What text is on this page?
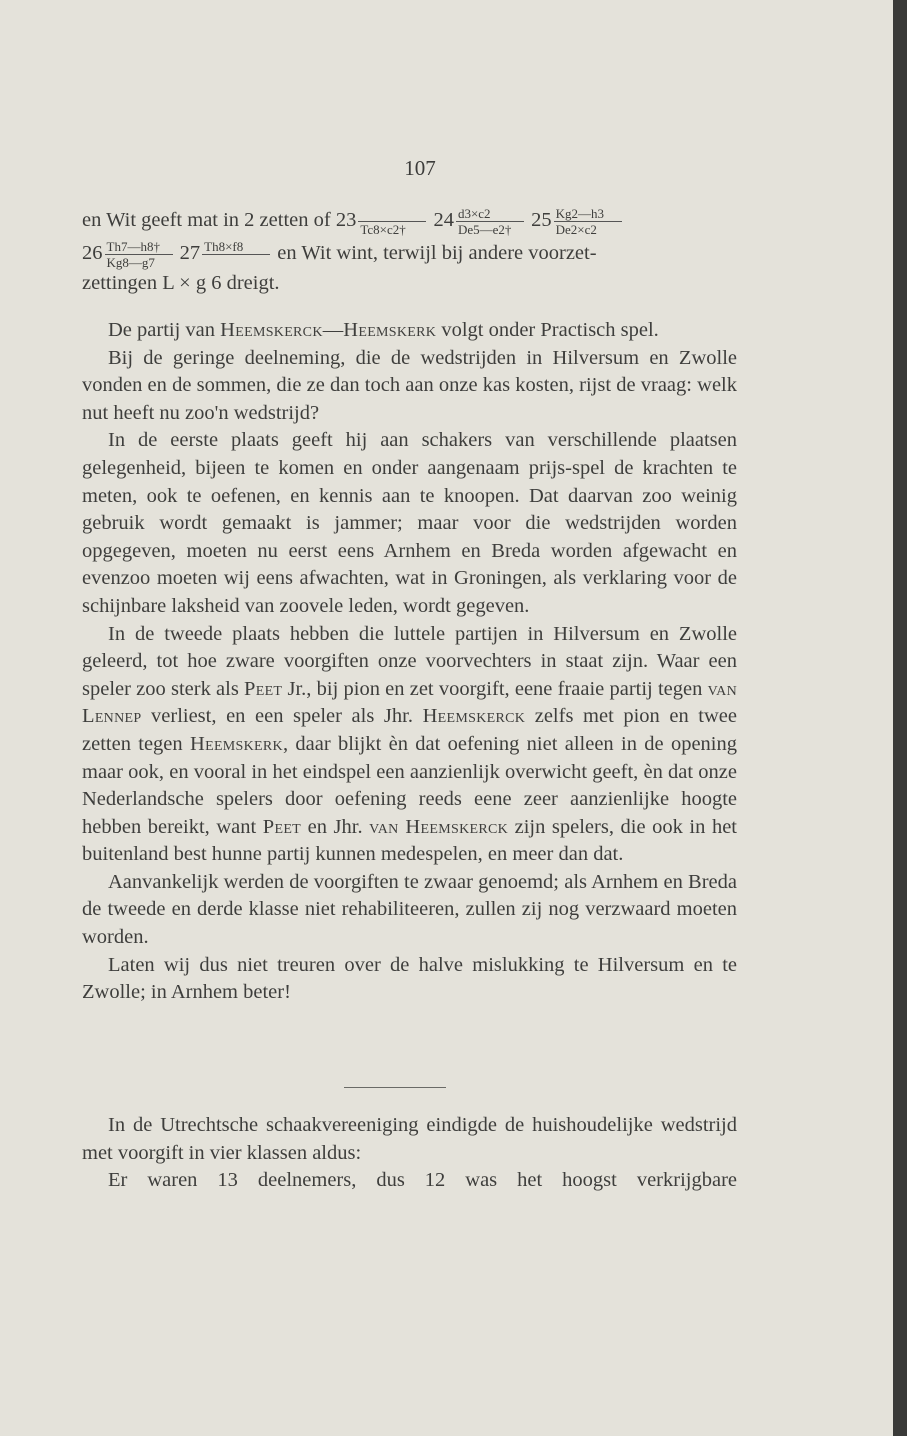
107

en Wit geeft mat in 2 zetten of 23 Tc8×c2†	$24 \frac{d3\times c2}{De5—e2\dagger} 25 \frac{Kg2—h3}{De2\times c2}$

$26 \frac{Th7—h8\dagger}{Kg8—g7} 27$ Th8×f8	en Wit wint, terwijl bij andere voorzet-

zettingen L × g 6 dreigt.

De partij van Heemskerck—Heemskerk volgt onder Practisch spel.

Bij de geringe deelneming, die de wedstrijden in Hilversum en Zwolle vonden en de sommen, die ze dan toch aan onze kas kosten, rijst de vraag: welk nut heeft nu zoo'n wedstrijd?

In de eerste plaats geeft hij aan schakers van verschillende plaatsen gelegenheid, bijeen te komen en onder aangenaam prijs-spel de krachten te meten, ook te oefenen, en kennis aan te knoopen. Dat daarvan zoo weinig gebruik wordt gemaakt is jammer; maar voor die wedstrijden worden opgegeven, moeten nu eerst eens Arnhem en Breda worden afgewacht en evenzoo moeten wij eens afwachten, wat in Groningen, als verklaring voor de schijnbare laksheid van zoovele leden, wordt gegeven.

In de tweede plaats hebben die luttele partijen in Hilversum en Zwolle geleerd, tot hoe zware voorgiften onze voorvechters in staat zijn. Waar een speler zoo sterk als Peet Jr., bij pion en zet voorgift, eene fraaie partij tegen van Lennep verliest, en een speler als Jhr. Heemskerck zelfs met pion en twee zetten tegen Heemskerk, daar blijkt èn dat oefening niet alleen in de opening maar ook, en vooral in het eindspel een aanzienlijk overwicht geeft, èn dat onze Nederlandsche spelers door oefening reeds eene zeer aanzienlijke hoogte hebben bereikt, want Peet en Jhr. van Heemskerck zijn spelers, die ook in het buitenland best hunne partij kunnen medespelen, en meer dan dat.

Aanvankelijk werden de voorgiften te zwaar genoemd; als Arnhem en Breda de tweede en derde klasse niet rehabiliteeren, zullen zij nog verzwaard moeten worden.

Laten wij dus niet treuren over de halve mislukking te Hilversum en te Zwolle; in Arnhem beter!

In de Utrechtsche schaakvereeniging eindigde de huishoudelijke wedstrijd met voorgift in vier klassen aldus:

Er waren 13 deelnemers, dus 12 was het hoogst verkrijgbare
